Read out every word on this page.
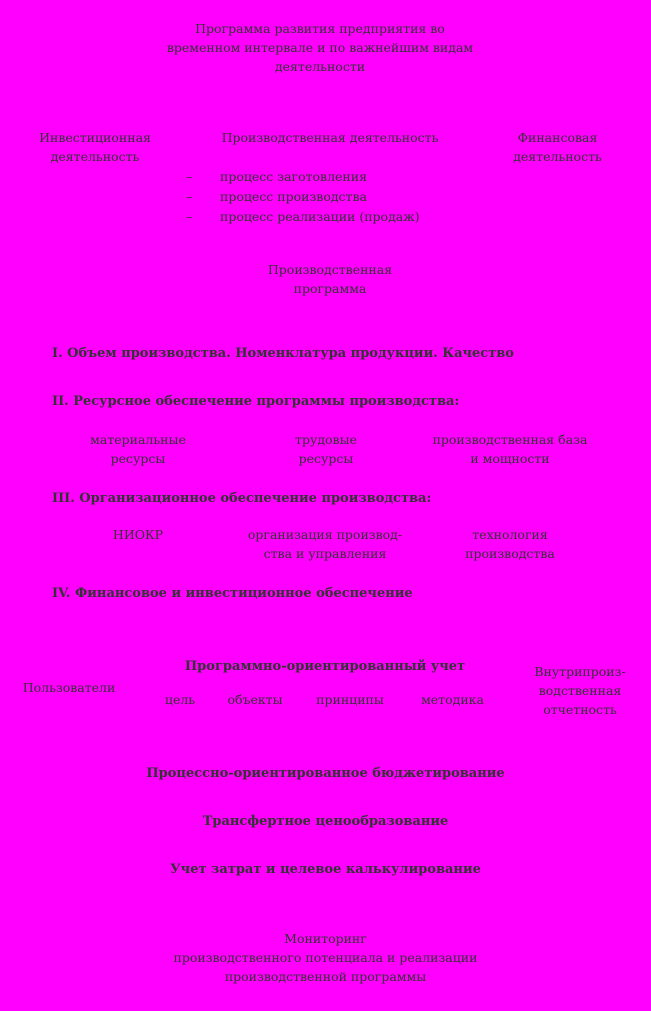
Программа развития предприятия во
временном интервале и по важнейшим видам
деятельности
Инвестиционная
деятельность
Производственная деятельность	Финансовая
деятельность
– процесс заготовления
– процесс производства
– процесс реализации (продаж)
Производственная
программа
I. Объем производства. Номенклатура продукции. Качество
II. Ресурсное обеспечение программы производства:
материальные
ресурсы
трудовые
ресурсы
производственная база
и мощности
III. Организационное обеспечение производства:
НИОКР	организация производ-
ства и управления
технология
производства
IV. Финансовое и инвестиционное обеспечение
Пользователи
Программно-ориентированный учет
цель	объекты	принципы	методика
Внутрипроиз-
водственная
отчетность
Процессно-ориентированное бюджетирование
Трансфертное ценообразование
Учет затрат и целевое калькулирование
Мониторинг
производственного потенциала и реализации
производственной программы
